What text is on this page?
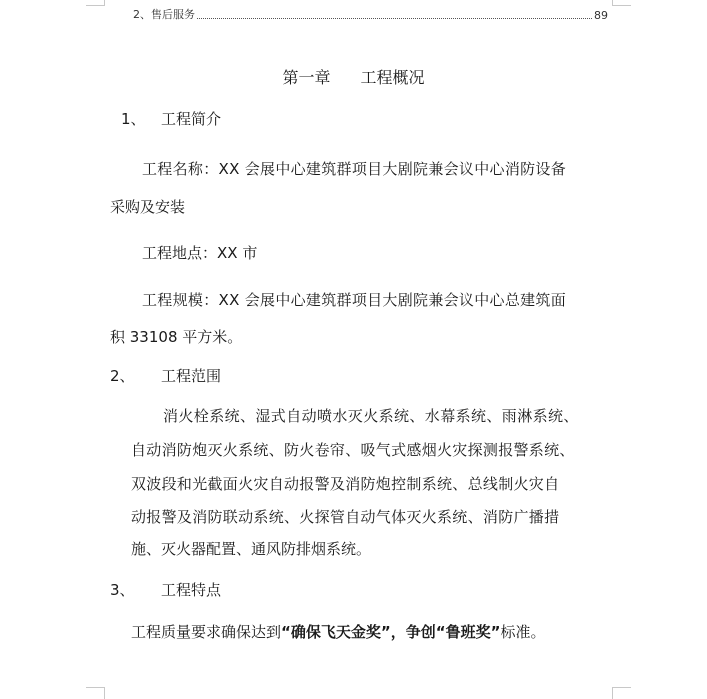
2、售后服务	89
第一章 工程概况
1、 工程简介
工程名称：XX 会展中心建筑群项目大剧院兼会议中心消防设备
采购及安装
工程地点：XX 市
工程规模：XX 会展中心建筑群项目大剧院兼会议中心总建筑面
积 33108 平方米。
2、 工程范围
消火栓系统、湿式自动喷水灭火系统、水幕系统、雨淋系统、
自动消防炮灭火系统、防火卷帘、吸气式感烟火灾探测报警系统、
双波段和光截面火灾自动报警及消防炮控制系统、总线制火灾自
动报警及消防联动系统、火探管自动气体灭火系统、消防广播措
施、灭火器配置、通风防排烟系统。
3、 工程特点
工程质量要求确保达到“确保飞天金奖”，争创“鲁班奖”标准。
